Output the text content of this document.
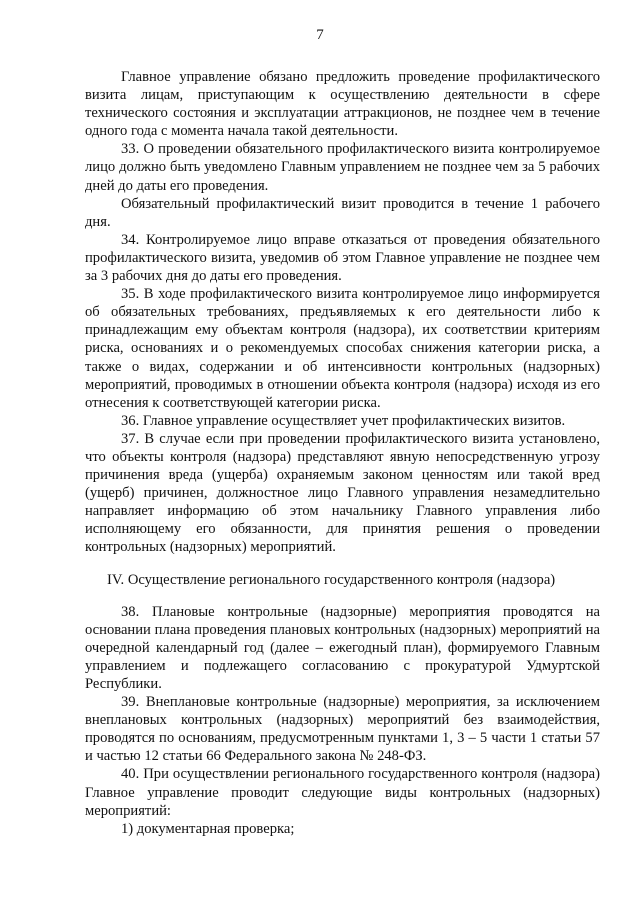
7

Главное управление обязано предложить проведение профилактического визита лицам, приступающим к осуществлению деятельности в сфере технического состояния и эксплуатации аттракционов, не позднее чем в течение одного года с момента начала такой деятельности.

33. О проведении обязательного профилактического визита контролируемое лицо должно быть уведомлено Главным управлением не позднее чем за 5 рабочих дней до даты его проведения.

Обязательный профилактический визит проводится в течение 1 рабочего дня.

34. Контролируемое лицо вправе отказаться от проведения обязательного профилактического визита, уведомив об этом Главное управление не позднее чем за 3 рабочих дня до даты его проведения.

35. В ходе профилактического визита контролируемое лицо информируется об обязательных требованиях, предъявляемых к его деятельности либо к принадлежащим ему объектам контроля (надзора), их соответствии критериям риска, основаниях и о рекомендуемых способах снижения категории риска, а также о видах, содержании и об интенсивности контрольных (надзорных) мероприятий, проводимых в отношении объекта контроля (надзора) исходя из его отнесения к соответствующей категории риска.

36. Главное управление осуществляет учет профилактических визитов.

37. В случае если при проведении профилактического визита установлено, что объекты контроля (надзора) представляют явную непосредственную угрозу причинения вреда (ущерба) охраняемым законом ценностям или такой вред (ущерб) причинен, должностное лицо Главного управления незамедлительно направляет информацию об этом начальнику Главного управления либо исполняющему его обязанности, для принятия решения о проведении контрольных (надзорных) мероприятий.

IV. Осуществление регионального государственного контроля (надзора)

38. Плановые контрольные (надзорные) мероприятия проводятся на основании плана проведения плановых контрольных (надзорных) мероприятий на очередной календарный год (далее – ежегодный план), формируемого Главным управлением и подлежащего согласованию с прокуратурой Удмуртской Республики.

39. Внеплановые контрольные (надзорные) мероприятия, за исключением внеплановых контрольных (надзорных) мероприятий без взаимодействия, проводятся по основаниям, предусмотренным пунктами 1, 3 – 5 части 1 статьи 57 и частью 12 статьи 66 Федерального закона № 248-ФЗ.

40. При осуществлении регионального государственного контроля (надзора) Главное управление проводит следующие виды контрольных (надзорных) мероприятий:

1) документарная проверка;
